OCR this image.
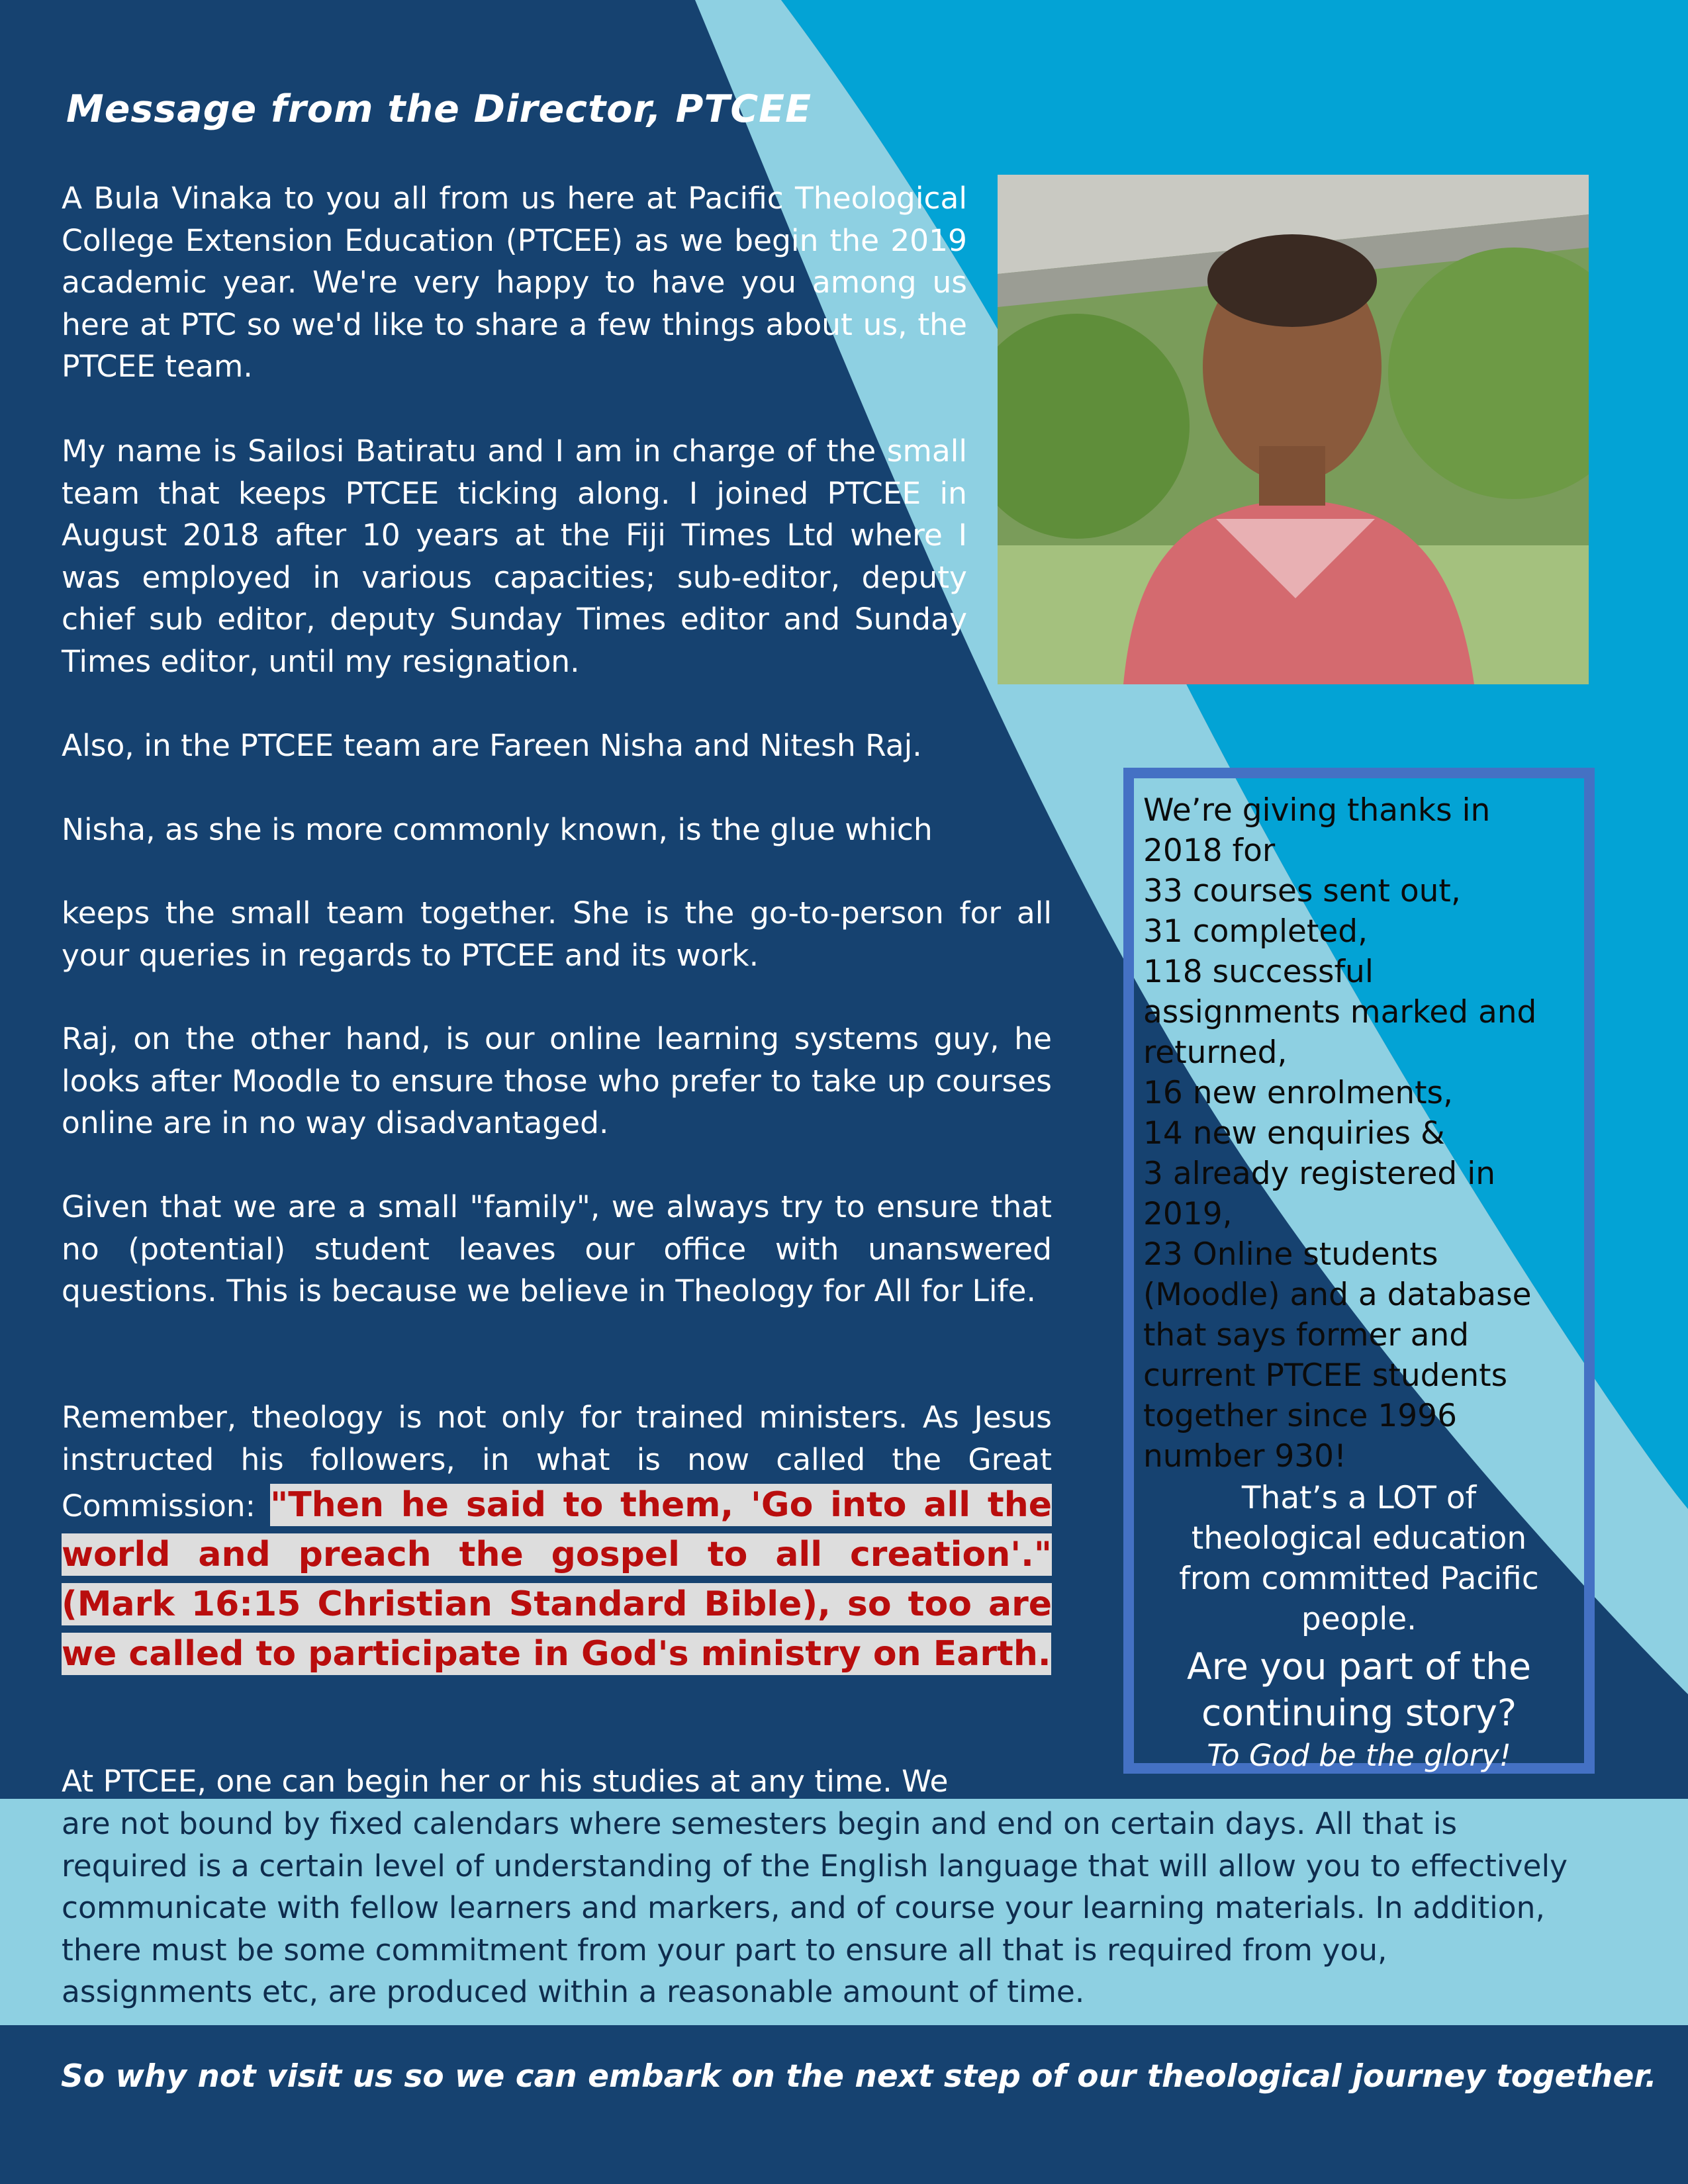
Message from the Director, PTCEE

A Bula Vinaka to you all from us here at Pacific Theological College Extension Education (PTCEE) as we begin the 2019 academic year. We're very happy to have you among us here at PTC so we'd like to share a few things about us, the PTCEE team.

My name is Sailosi Batiratu and I am in charge of the small team that keeps PTCEE ticking along. I joined PTCEE in August 2018 after 10 years at the Fiji Times Ltd where I was employed in various capacities; sub-editor, deputy chief sub editor, deputy Sunday Times editor and Sunday Times editor, until my resignation.

Also, in the PTCEE team are Fareen Nisha and Nitesh Raj.

Nisha, as she is more commonly known, is the glue which

keeps the small team together. She is the go-to-person for all your queries in regards to PTCEE and its work.

Raj, on the other hand, is our online learning systems guy, he looks after Moodle to ensure those who prefer to take up courses online are in no way disadvantaged.

Given that we are a small "family", we always try to ensure that no (potential) student leaves our office with unanswered questions. This is because we believe in Theology for All for Life.

Remember, theology is not only for trained ministers. As Jesus instructed his followers, in what is now called the Great Commission: "Then he said to them, 'Go into all the world and preach the gospel to all creation'." (Mark 16:15 Christian Standard Bible), so too are we called to participate in God's ministry on Earth.

We’re giving thanks in
2018 for
33 courses sent out,
31 completed,
118 successful
assignments marked and
returned,
16 new enrolments,
14 new enquiries &
3 already registered in
2019,
23 Online students
(Moodle) and a database
that says former and
current PTCEE students
together since 1996
number 930!
That’s a LOT of
theological education
from committed Pacific
people.
Are you part of the
continuing story?
To God be the glory!

At PTCEE, one can begin her or his studies at any time. We

are not bound by fixed calendars where semesters begin and end on certain days. All that is required is a certain level of understanding of the English language that will allow you to effectively communicate with fellow learners and markers, and of course your learning materials. In addition, there must be some commitment from your part to ensure all that is required from you, assignments etc, are produced within a reasonable amount of time.

So why not visit us so we can embark on the next step of our theological journey together.
